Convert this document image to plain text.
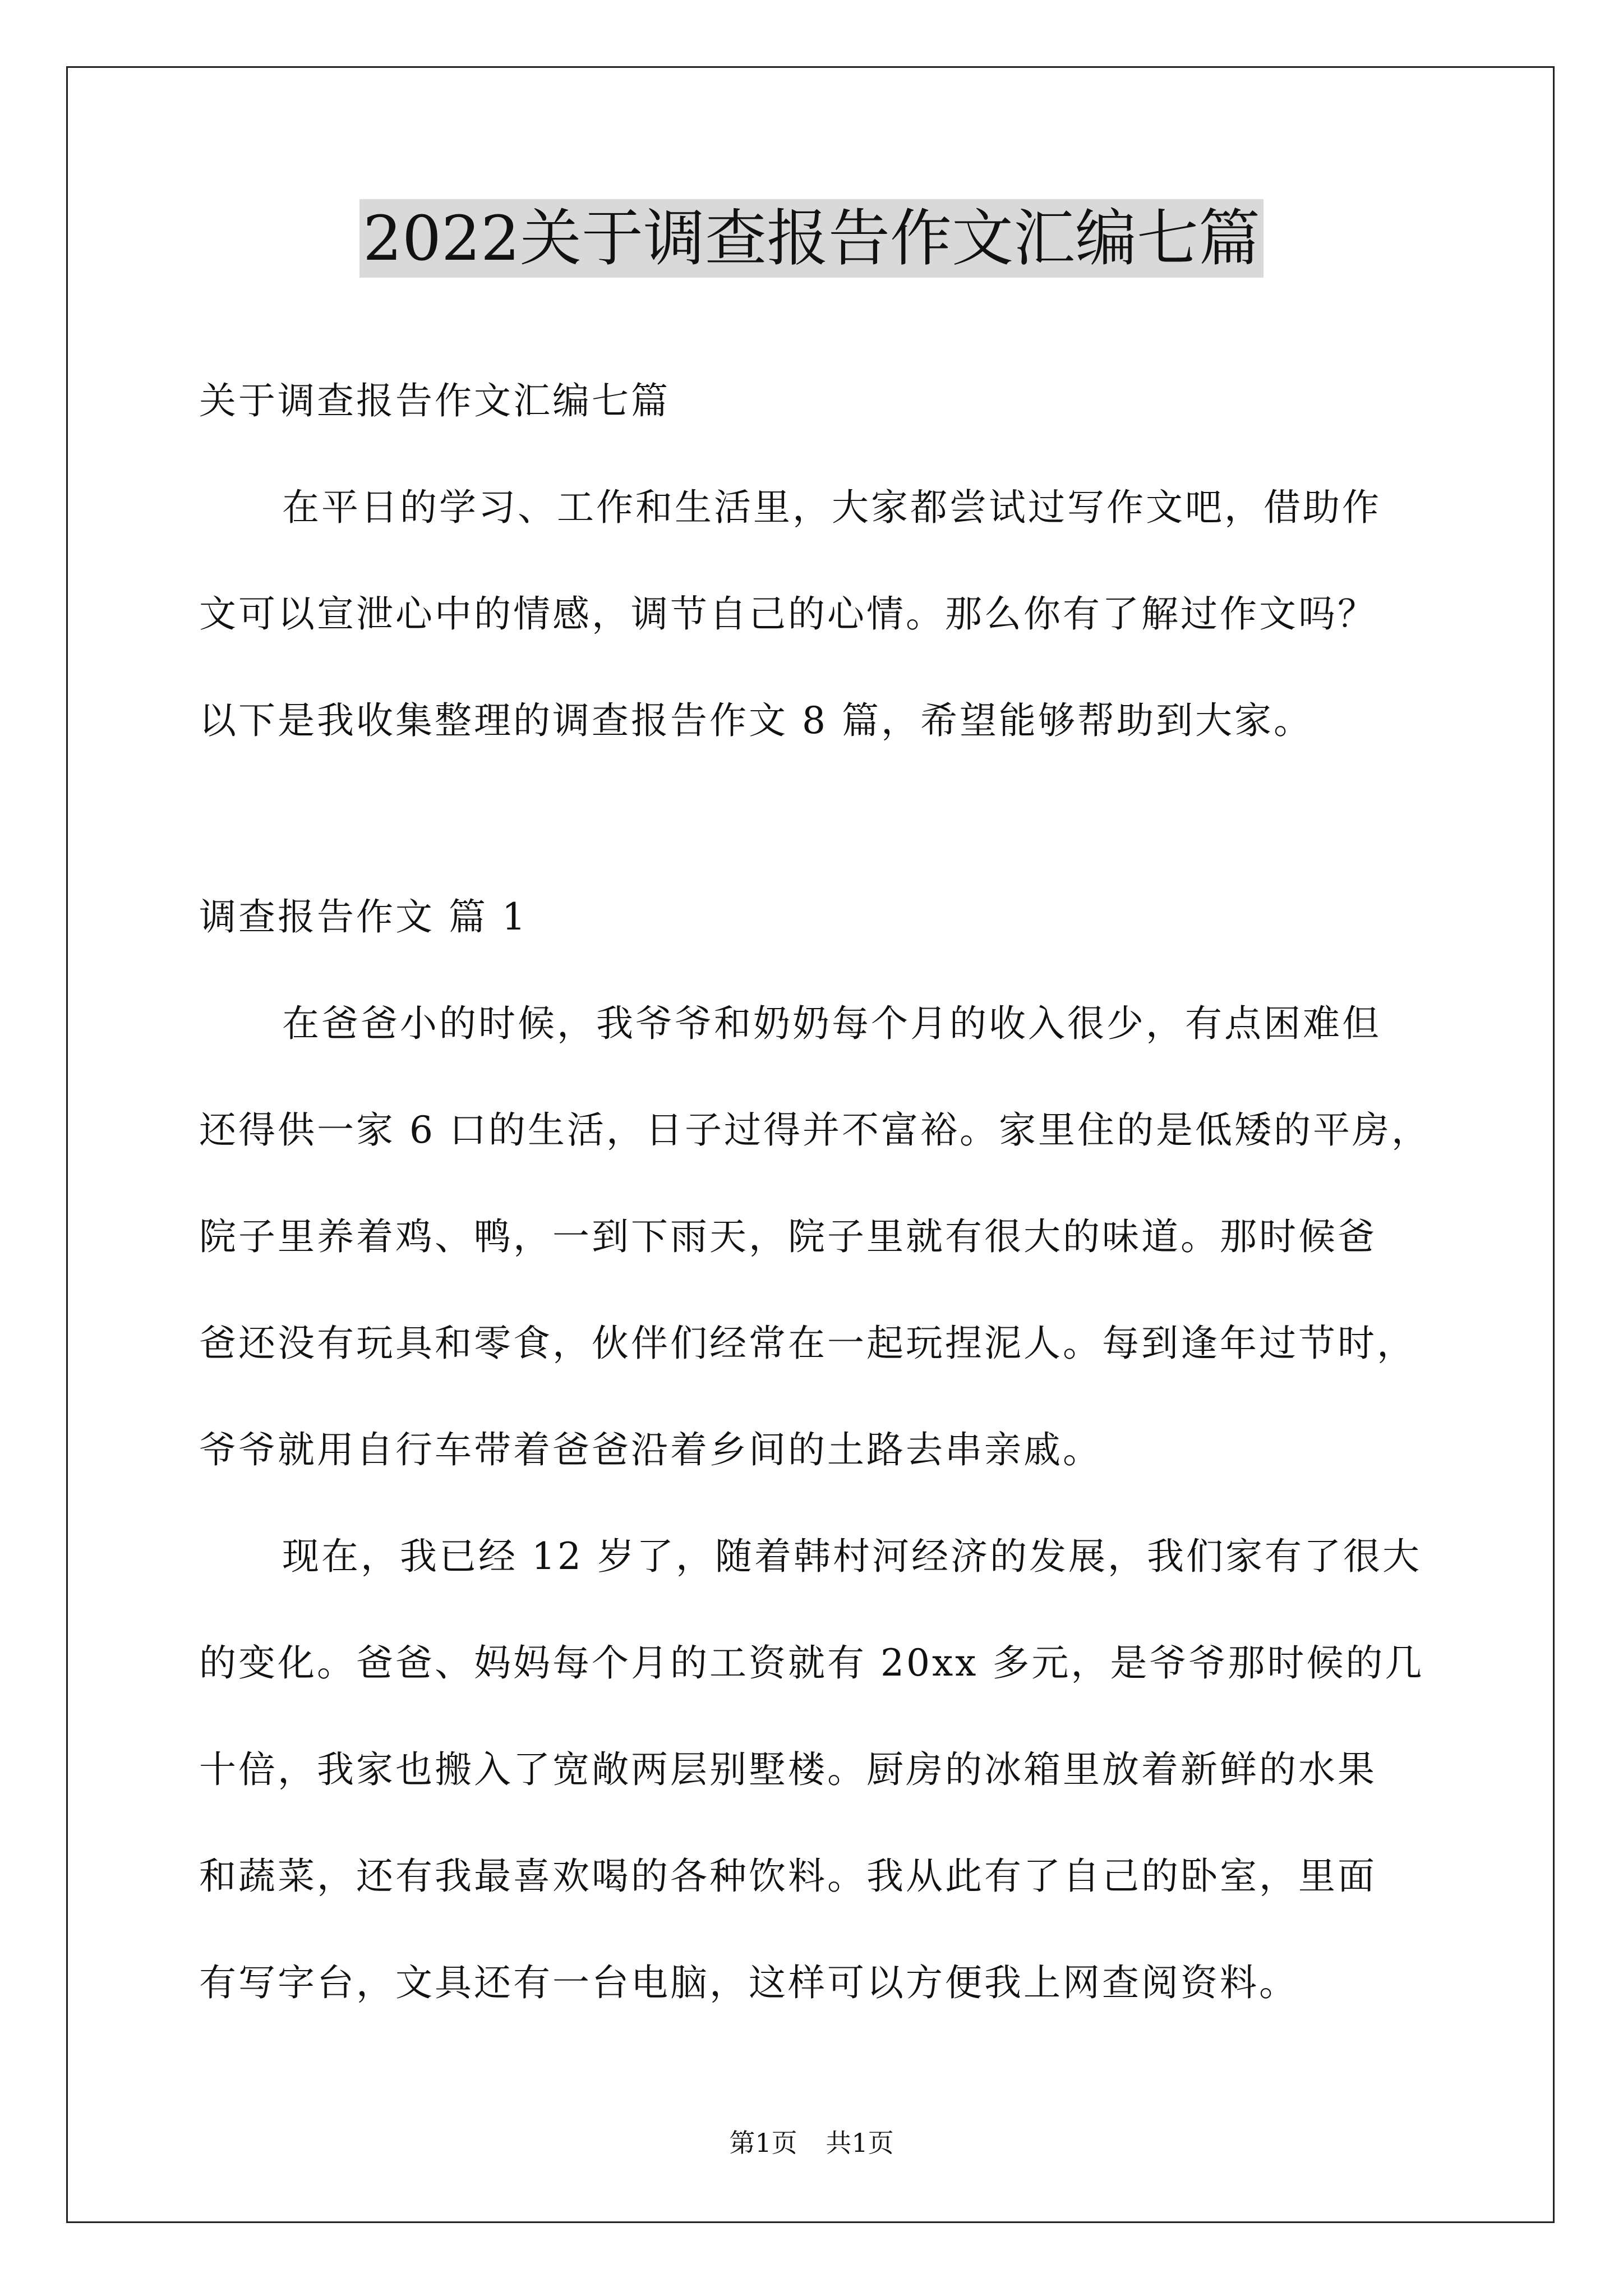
2022关于调查报告作文汇编七篇
关于调查报告作文汇编七篇
在平日的学习、工作和生活里，大家都尝试过写作文吧，借助作
文可以宣泄心中的情感，调节自己的心情。那么你有了解过作文吗？
以下是我收集整理的调查报告作文 8 篇，希望能够帮助到大家。
调查报告作文 篇 1
在爸爸小的时候，我爷爷和奶奶每个月的收入很少，有点困难但
还得供一家 6 口的生活，日子过得并不富裕。家里住的是低矮的平房，
院子里养着鸡、鸭，一到下雨天，院子里就有很大的味道。那时候爸
爸还没有玩具和零食，伙伴们经常在一起玩捏泥人。每到逢年过节时，
爷爷就用自行车带着爸爸沿着乡间的土路去串亲戚。
现在，我已经 12 岁了，随着韩村河经济的发展，我们家有了很大
的变化。爸爸、妈妈每个月的工资就有 20xx 多元，是爷爷那时候的几
十倍，我家也搬入了宽敞两层别墅楼。厨房的冰箱里放着新鲜的水果
和蔬菜，还有我最喜欢喝的各种饮料。我从此有了自己的卧室，里面
有写字台，文具还有一台电脑，这样可以方便我上网查阅资料。
第1页 共1页
